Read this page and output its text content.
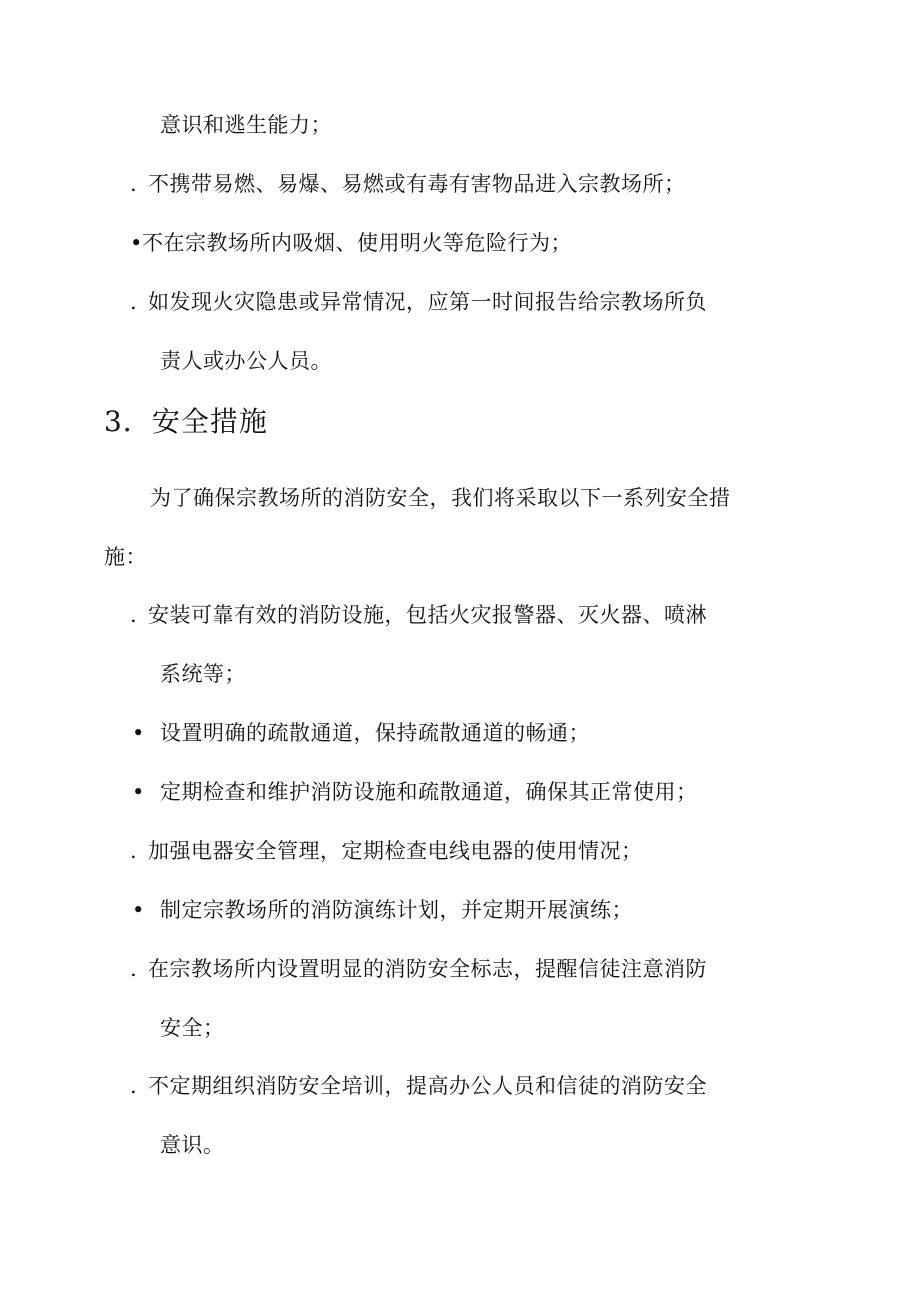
意识和逃生能力；
. 不携带易燃、易爆、易燃或有毒有害物品进入宗教场所；
•不在宗教场所内吸烟、使用明火等危险行为；
. 如发现火灾隐患或异常情况，应第一时间报告给宗教场所负
责人或办公人员。
3．安全措施
为了确保宗教场所的消防安全，我们将采取以下一系列安全措
施：
. 安装可靠有效的消防设施，包括火灾报警器、灭火器、喷淋
系统等；
• 设置明确的疏散通道，保持疏散通道的畅通；
• 定期检查和维护消防设施和疏散通道，确保其正常使用；
. 加强电器安全管理，定期检查电线电器的使用情况；
• 制定宗教场所的消防演练计划，并定期开展演练；
. 在宗教场所内设置明显的消防安全标志，提醒信徒注意消防
安全；
. 不定期组织消防安全培训，提高办公人员和信徒的消防安全
意识。
